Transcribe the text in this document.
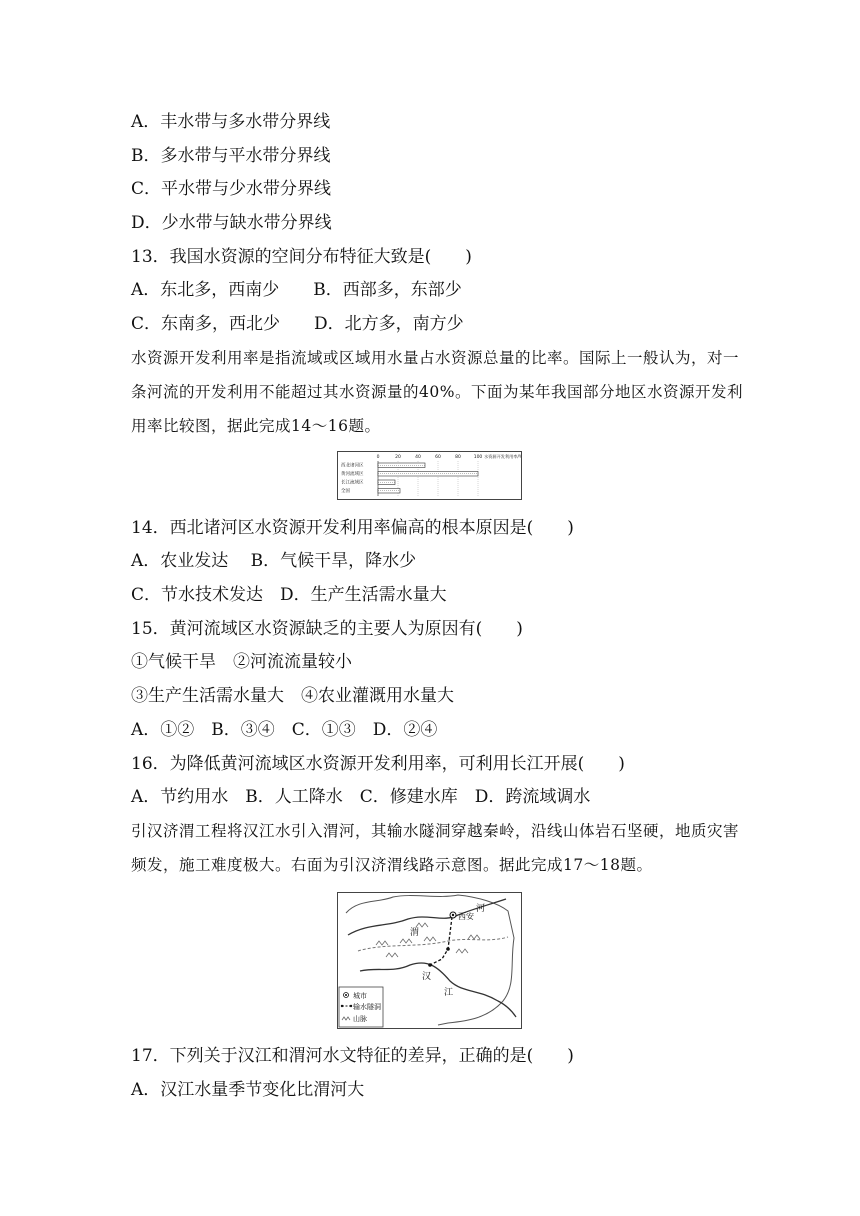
A．丰水带与多水带分界线
B．多水带与平水带分界线
C．平水带与少水带分界线
D．少水带与缺水带分界线
13．我国水资源的空间分布特征大致是(　　)
A．东北多，西南少　　B．西部多，东部少
C．东南多，西北少　　D．北方多，南方少
水资源开发利用率是指流域或区域用水量占水资源总量的比率。国际上一般认为，对一条河流的开发利用不能超过其水资源量的40%。下面为某年我国部分地区水资源开发利用率比较图，据此完成14～16题。
0	20	40	60	80	100
西北诸河区
黄河流域区
长江流域区
全国
水资源开发利用率/%
14．西北诸河区水资源开发利用率偏高的根本原因是(　　)
A．农业发达　 B．气候干旱，降水少
C．节水技术发达　D．生产生活需水量大
15．黄河流域区水资源缺乏的主要人为原因有(　　)
①气候干旱　②河流流量较小
③生产生活需水量大　④农业灌溉用水量大
A．①②　B．③④　C．①③　D．②④
16．为降低黄河流域区水资源开发利用率，可利用长江开展(　　)
A．节约用水　B．人工降水　C．修建水库　D．跨流域调水
引汉济渭工程将汉江水引入渭河，其输水隧洞穿越秦岭，沿线山体岩石坚硬，地质灾害频发，施工难度极大。右面为引汉济渭线路示意图。据此完成17～18题。
西安
渭
河
汉
江
城市
输水隧洞
山脉
17．下列关于汉江和渭河水文特征的差异，正确的是(　　)
A．汉江水量季节变化比渭河大
